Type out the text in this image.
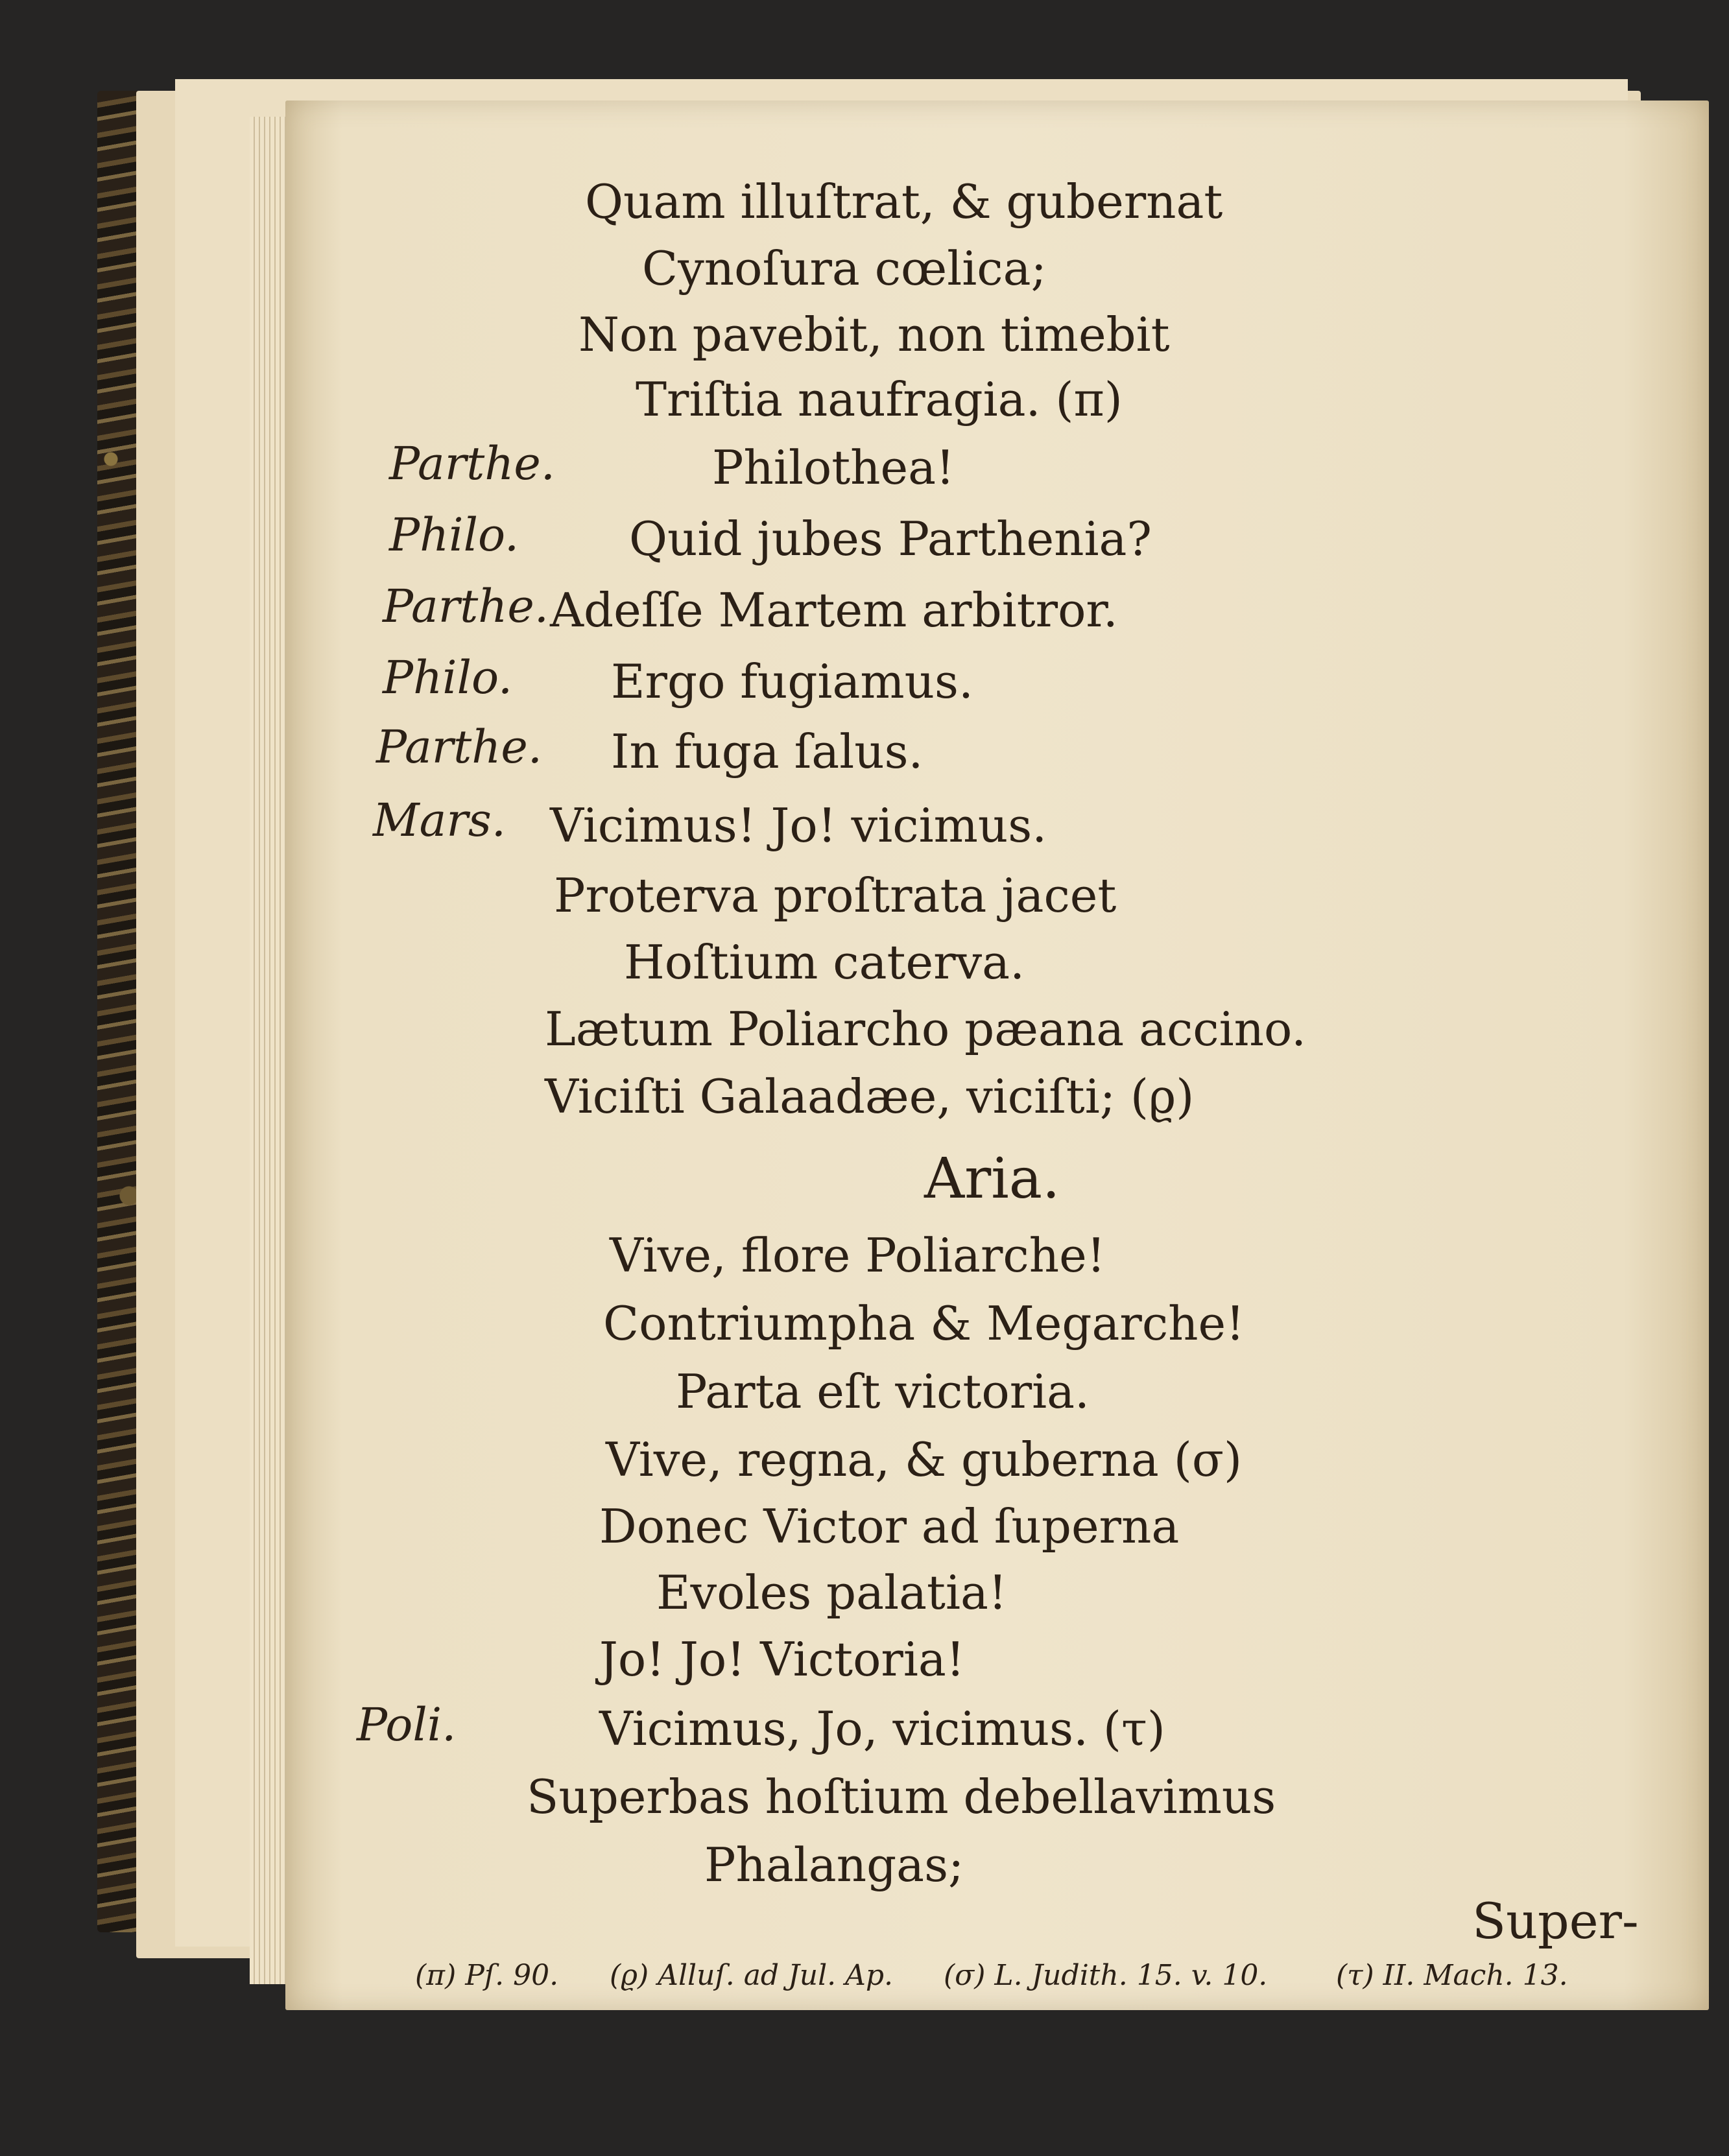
Quam illuſtrat, & gubernat
Cynoſura cœlica;
Non pavebit, non timebit
Triſtia naufragia. (π)
Parthe.	Philothea!
Philo. Quid jubes Parthenia?
Parthe. Adeſſe Martem arbitror.
Philo. Ergo fugiamus.
Parthe. In fuga ſalus.
Mars. Vicimus! Jo! vicimus.
Proterva proſtrata jacet
Hoſtium caterva.
Lætum Poliarcho pæana accino.
Viciſti Galaadæe, viciſti; (ϱ)
Aria.
Vive, flore Poliarche!
Contriumpha & Megarche!
Parta eſt victoria.
Vive, regna, & guberna (σ)
Donec Victor ad ſuperna
Evoles palatia!
Jo! Jo! Victoria!
Poli.	Vicimus, Jo, vicimus. (τ)
Superbas hoſtium debellavimus
Phalangas;
Super-
(π) Pſ. 90. (ϱ) Alluſ. ad Jul. Ap. (σ) L. Judith. 15. v. 10. (τ) II. Mach. 13.
